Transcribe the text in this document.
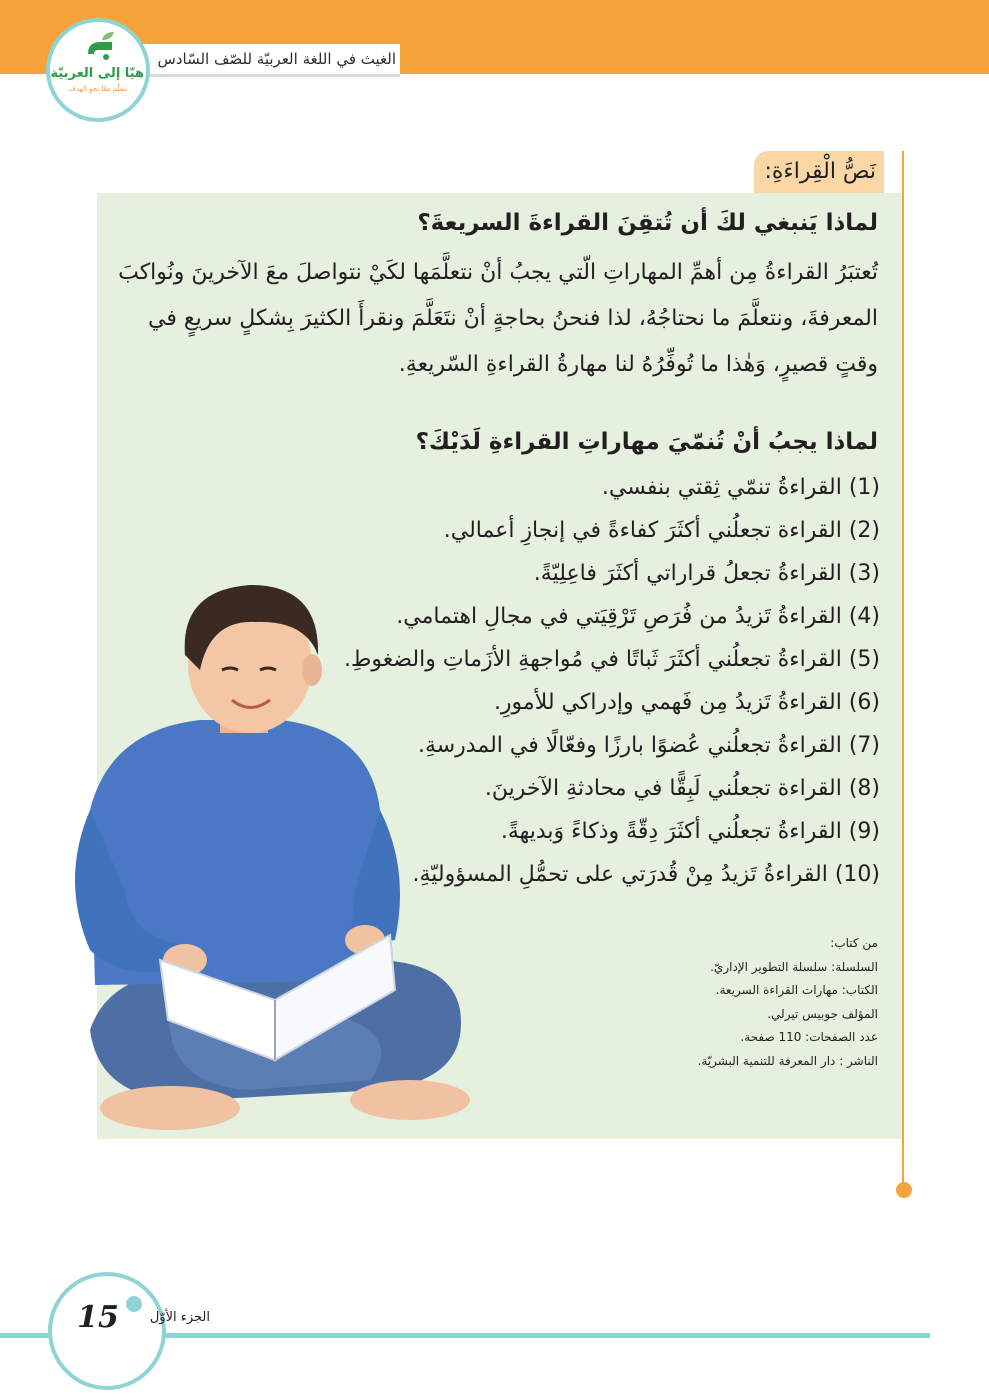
الغيث في اللغة العربيّة للصّف السّادس
هيّا إلى العربيّة
نتعلّم معًا نحو الهدف
نَصُّ الْقِراءَةِ:
لماذا يَنبغي لكَ أن تُتقِنَ القراءةَ السريعةَ؟

تُعتبَرُ القراءةُ مِن أهمِّ المهاراتِ الّتي يجبُ أنْ نتعلَّمَها لكَيْ نتواصلَ معَ الآخرينَ ونُواكبَ المعرفةَ، ونتعلَّمَ ما نحتاجُهُ، لذا فنحنُ بحاجةٍ أنْ نتَعَلَّمَ ونقرأَ الكثيرَ بِشكلٍ سريعٍ في وقتٍ قصيرٍ، وَهٰذا ما تُوفِّرُهُ لنا مهارةُ القراءةِ السّريعةِ.

لماذا يجبُ أنْ تُنمّيَ مهاراتِ القراءةِ لَدَيْكَ؟
(1) القراءةُ تنمّي ثِقتي بنفسي.
(2) القراءة تجعلُني أكثَرَ كفاءةً في إنجازِ أعمالي.
(3) القراءةُ تجعلُ قراراتي أكثَرَ فاعِلِيّةً.
(4) القراءةُ تَزيدُ من فُرَصِ تَرْقِيَتي في مجالِ اهتمامي.
(5) القراءةُ تجعلُني أكثَرَ ثَباتًا في مُواجهةِ الأزَماتِ والضغوطِ.
(6) القراءةُ تَزيدُ مِن فَهمي وإدراكي للأمورِ.
(7) القراءةُ تجعلُني عُضوًا بارزًا وفعّالًا في المدرسةِ.
(8) القراءة تجعلُني لَبِقًّا في محادثةِ الآخرينَ.
(9) القراءةُ تجعلُني أكثَرَ دِقّةً وذكاءً وَبديهةً.
(10) القراءةُ تَزيدُ مِنْ قُدرَتي على تحمُّلِ المسؤوليّةِ.
من كتاب:
السلسلة: سلسلة التطوير الإداريّ.
الكتاب: مهارات القراءة السريعة.
المؤلف جوبيس تيرلي.
عدد الصفحات: 110 صفحة.
الناشر : دار المعرفة للتنمية البشريّة.
15	الجزء الأوّل
